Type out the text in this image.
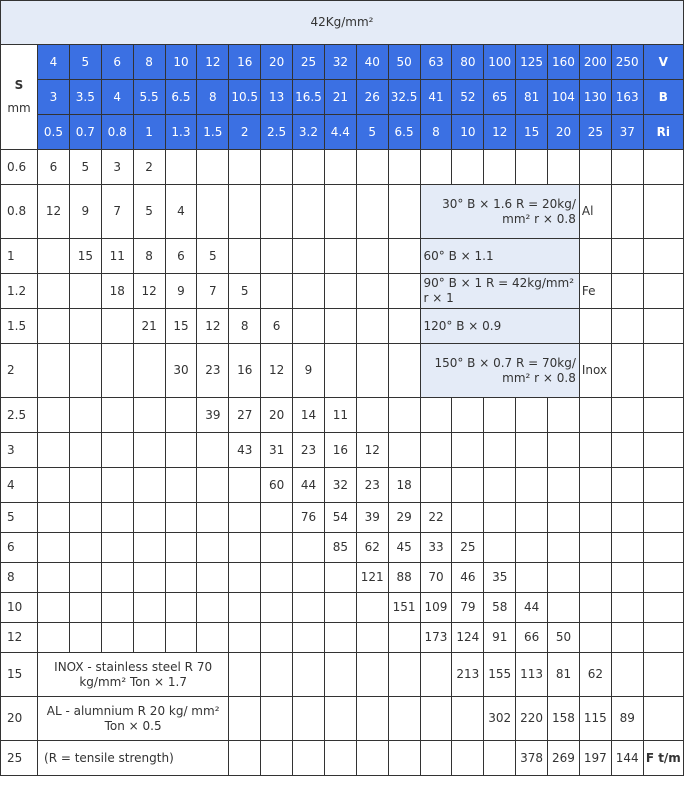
42Kg/mm²																				

S
mm	4	5	6	8	10	12	16	20	25	32	40	50	63	80	100	125	160	200	250	V
	3	3.5	4	5.5	6.5	8	10.5	13	16.5	21	26	32.5	41	52	65	81	104	130	163	B
	0.5	0.7	0.8	1	1.3	1.5	2	2.5	3.2	4.4	5	6.5	8	10	12	15	20	25	37	Ri
0.6	6	5	3	2																
0.8	12	9	7	5	4								30° B × 1.6 R = 20kg/ mm² r × 0.8					Al		
1		15	11	8	6	5							60° B × 1.1							
1.2			18	12	9	7	5						90° B × 1 R = 42kg/mm² r × 1					Fe		
1.5				21	15	12	8	6					120° B × 0.9							
2					30	23	16	12	9				150° B × 0.7 R = 70kg/ mm² r × 0.8					Inox		
2.5						39	27	20	14	11										
3							43	31	23	16	12									
4								60	44	32	23	18								
5									76	54	39	29	22							
6										85	62	45	33	25						
8											121	88	70	46	35					
10												151	109	79	58	44				
12													173	124	91	66	50			
15	INOX - stainless steel R 70 kg/mm² Ton × 1.7													213	155	113	81	62		
20	AL - alumnium R 20 kg/ mm² Ton × 0.5														302	220	158	115	89	
25	(R = tensile strength)															378	269	197	144	F t/m
